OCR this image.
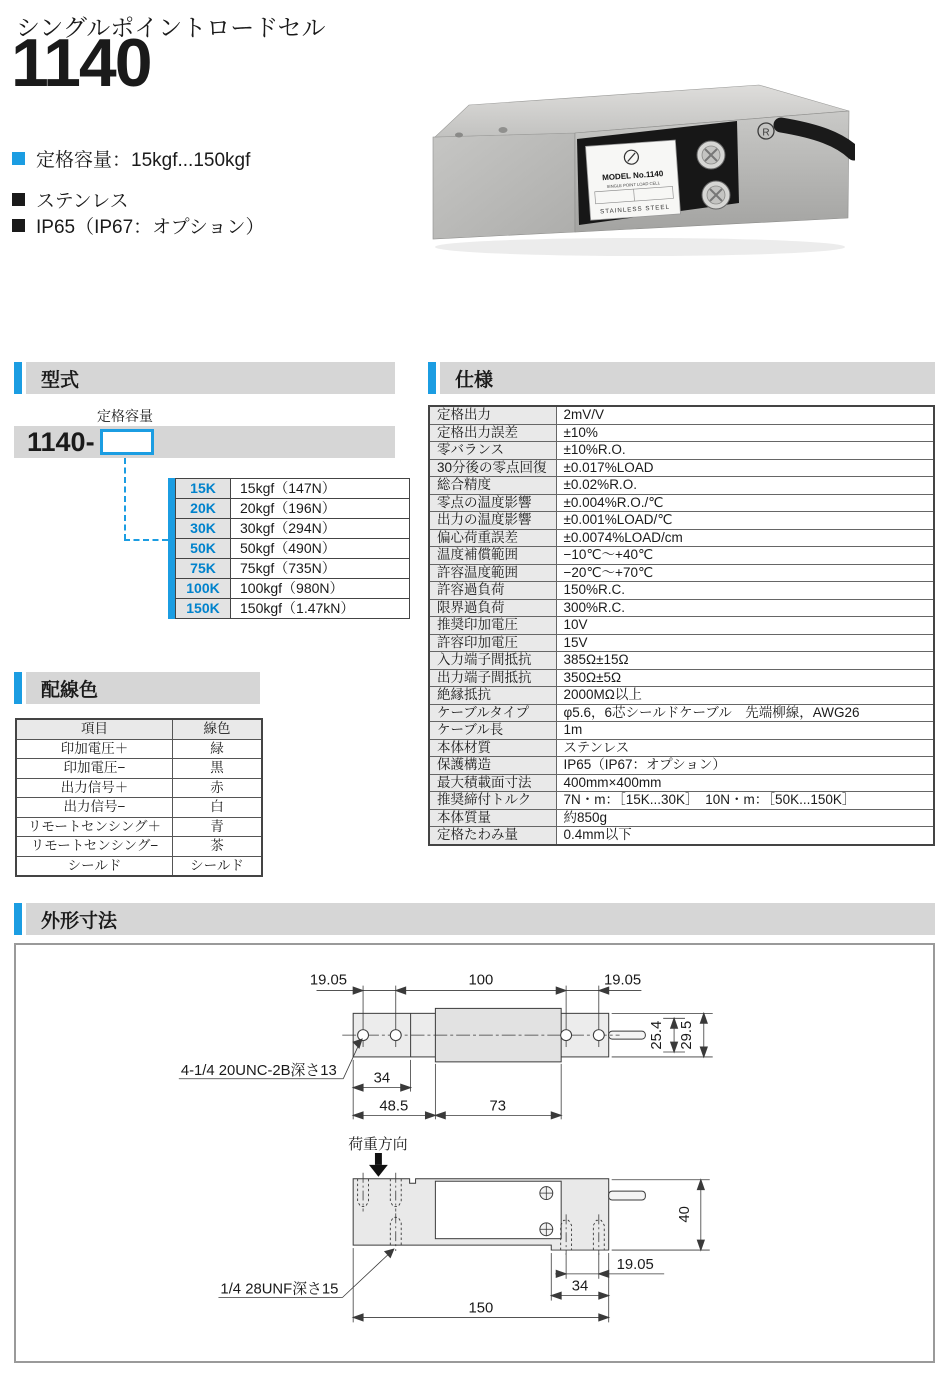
シングルポイントロードセル
1140
定格容量：15kgf...150kgf
ステンレス
IP65（IP67：オプション）
MODEL No.1140
SINGLE POINT LOAD CELL
STAINLESS STEEL
R
型式
定格容量
1140-
15K	15kgf（147N）
20K	20kgf（196N）
30K	30kgf（294N）
50K	50kgf（490N）
75K	75kgf（735N）
100K	100kgf（980N）
150K	150kgf（1.47kN）
仕様
定格出力	2mV/V
定格出力誤差	±10%
零バランス	±10%R.O.
30分後の零点回復	±0.017%LOAD
総合精度	±0.02%R.O.
零点の温度影響	±0.004%R.O./℃
出力の温度影響	±0.001%LOAD/℃
偏心荷重誤差	±0.0074%LOAD/cm
温度補償範囲	−10℃〜+40℃
許容温度範囲	−20℃〜+70℃
許容過負荷	150%R.C.
限界過負荷	300%R.C.
推奨印加電圧	10V
許容印加電圧	15V
入力端子間抵抗	385Ω±15Ω
出力端子間抵抗	350Ω±5Ω
絶縁抵抗	2000MΩ以上
ケーブルタイプ	φ5.6，6芯シールドケーブル　先端柳線，AWG26
ケーブル長	1m
本体材質	ステンレス
保護構造	IP65（IP67：オプション）
最大積載面寸法	400mm×400mm
推奨締付トルク	7N・m：［15K...30K］　10N・m：［50K...150K］
本体質量	約850g
定格たわみ量	0.4mm以下
配線色
項目	線色
印加電圧＋	緑
印加電圧−	黒
出力信号＋	赤
出力信号−	白
リモートセンシング＋	青
リモートセンシング−	茶
シールド	シールド
外形寸法
19.05	100	19.05
34
48.5	73
25.4 29.5
4-1/4 20UNC-2B深さ13
荷重方向
40
19.05
34
150
1/4 28UNF深さ15
